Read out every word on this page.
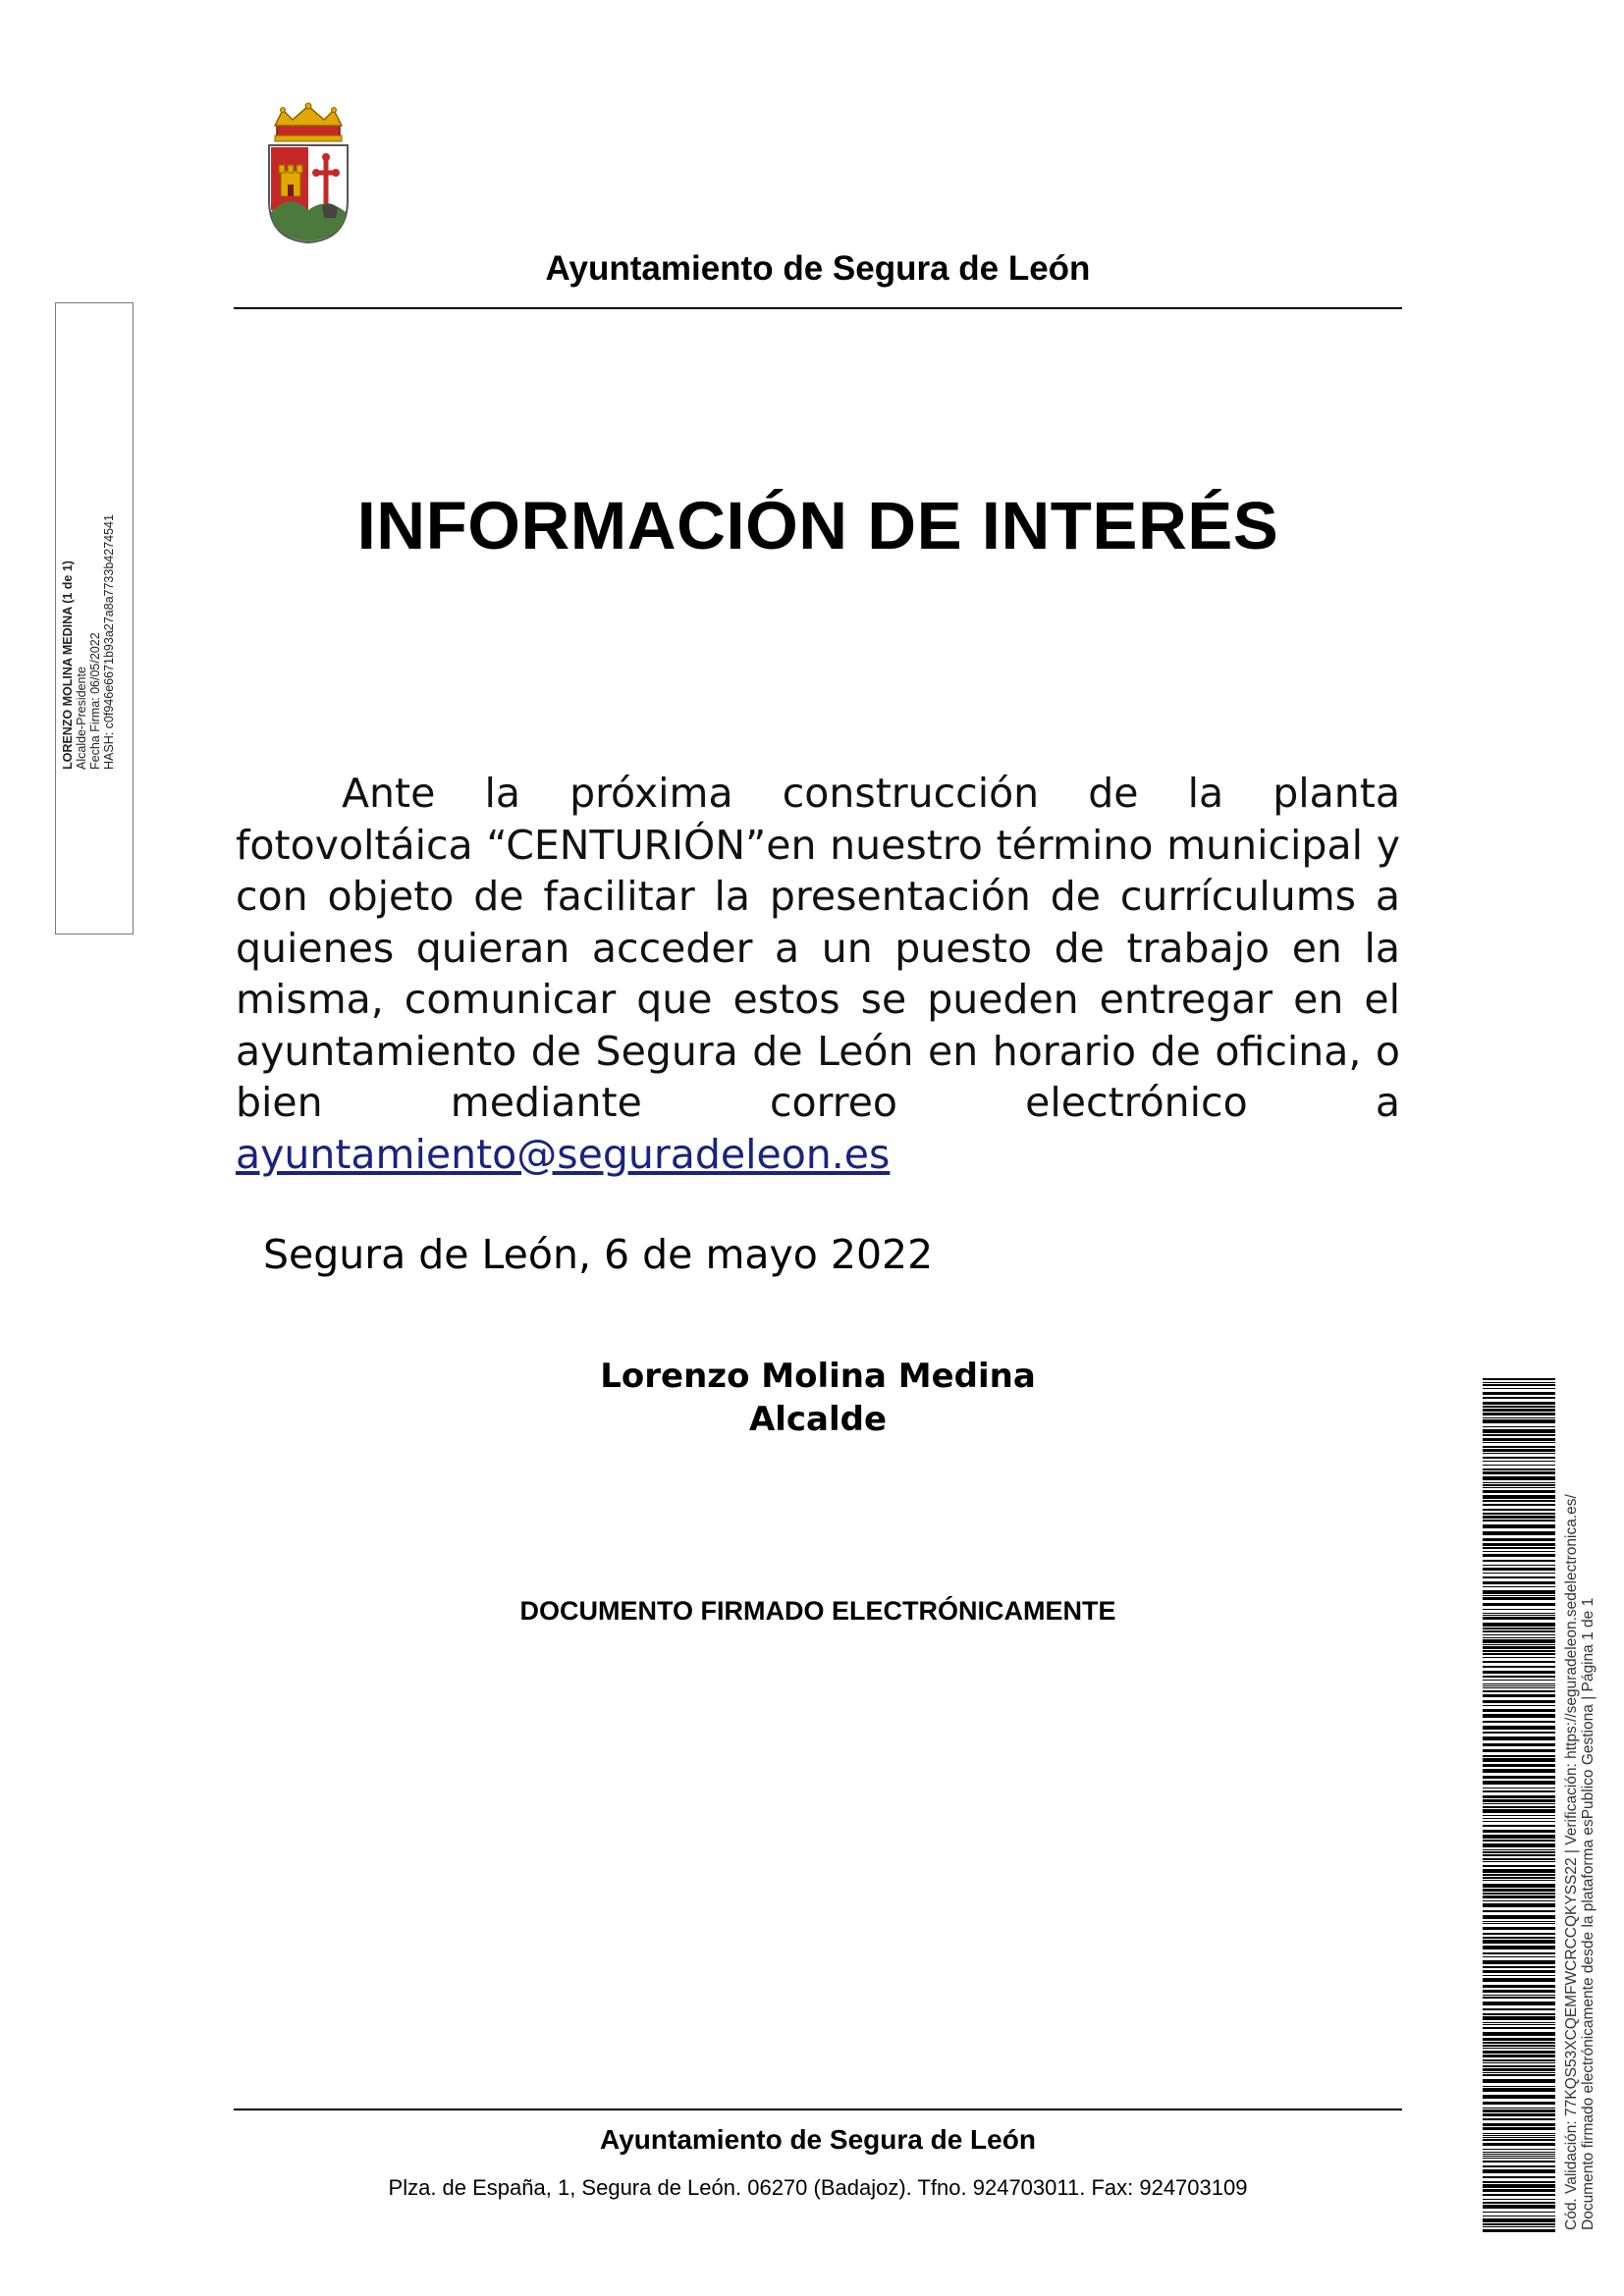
Ayuntamiento de Segura de León
INFORMACIÓN DE INTERÉS
Ante la próxima construcción de la planta fotovoltáica “CENTURIÓN”en nuestro término municipal y con objeto de facilitar la presentación de currículums a quienes quieran acceder a un puesto de trabajo en la misma, comunicar que estos se pueden entregar en el ayuntamiento de Segura de León en horario de oficina, o bien mediante correo electrónico a ayuntamiento@seguradeleon.es
Segura de León, 6 de mayo 2022
Lorenzo Molina Medina
Alcalde
DOCUMENTO FIRMADO ELECTRÓNICAMENTE
Ayuntamiento de Segura de León
Plza. de España, 1, Segura de León. 06270 (Badajoz). Tfno. 924703011. Fax: 924703109
LORENZO MOLINA MEDINA (1 de 1) Alcalde-Presidente Fecha Firma: 06/05/2022 HASH: c0f946e6671b93a27a8a7733b4274541
Cód. Validación: 77KQS53XCQEMFWCRCCQKYSS22 | Verificación: https://seguradeleon.sedelectronica.es/ Documento firmado electrónicamente desde la plataforma esPublico Gestiona | Página 1 de 1
